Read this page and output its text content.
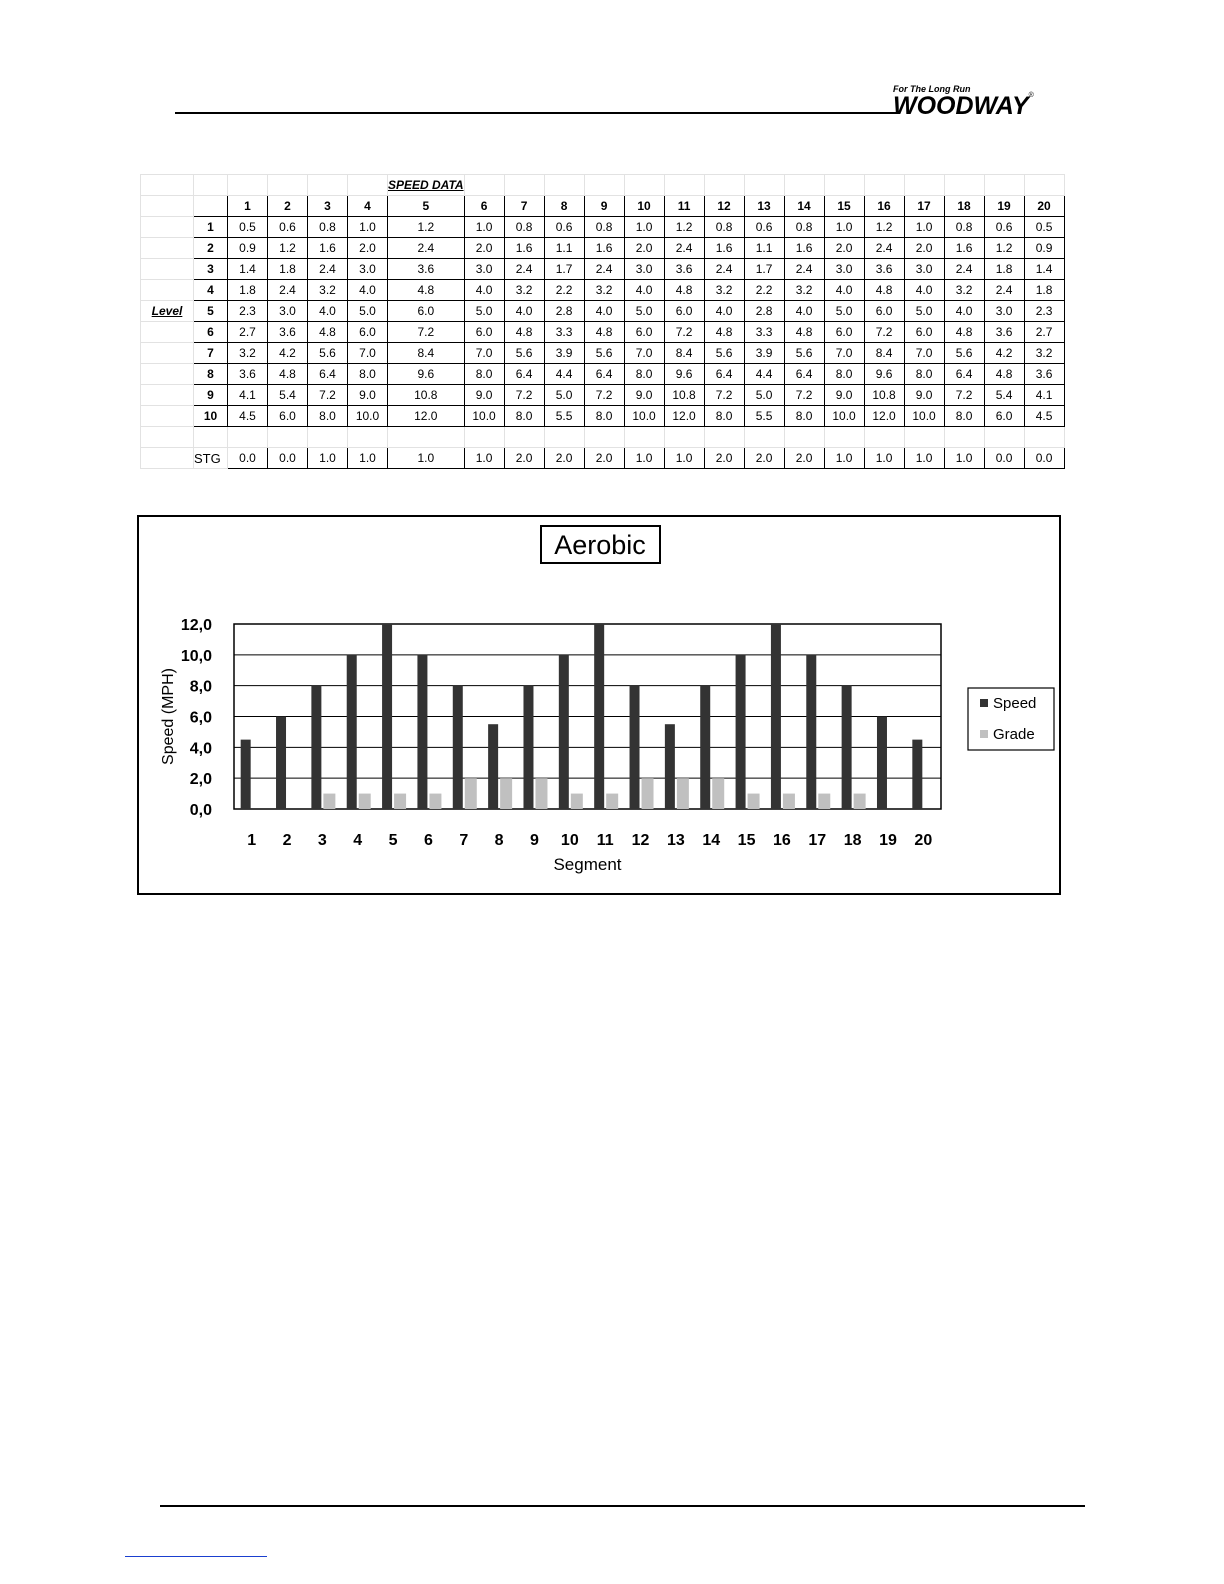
For The Long Run
WOODWAY®
						SPEED DATA															
		1	2	3	4	5	6	7	8	9	10	11	12	13	14	15	16	17	18	19	20
	1	0.5	0.6	0.8	1.0	1.2	1.0	0.8	0.6	0.8	1.0	1.2	0.8	0.6	0.8	1.0	1.2	1.0	0.8	0.6	0.5
	2	0.9	1.2	1.6	2.0	2.4	2.0	1.6	1.1	1.6	2.0	2.4	1.6	1.1	1.6	2.0	2.4	2.0	1.6	1.2	0.9
	3	1.4	1.8	2.4	3.0	3.6	3.0	2.4	1.7	2.4	3.0	3.6	2.4	1.7	2.4	3.0	3.6	3.0	2.4	1.8	1.4
	4	1.8	2.4	3.2	4.0	4.8	4.0	3.2	2.2	3.2	4.0	4.8	3.2	2.2	3.2	4.0	4.8	4.0	3.2	2.4	1.8
Level	5	2.3	3.0	4.0	5.0	6.0	5.0	4.0	2.8	4.0	5.0	6.0	4.0	2.8	4.0	5.0	6.0	5.0	4.0	3.0	2.3
	6	2.7	3.6	4.8	6.0	7.2	6.0	4.8	3.3	4.8	6.0	7.2	4.8	3.3	4.8	6.0	7.2	6.0	4.8	3.6	2.7
	7	3.2	4.2	5.6	7.0	8.4	7.0	5.6	3.9	5.6	7.0	8.4	5.6	3.9	5.6	7.0	8.4	7.0	5.6	4.2	3.2
	8	3.6	4.8	6.4	8.0	9.6	8.0	6.4	4.4	6.4	8.0	9.6	6.4	4.4	6.4	8.0	9.6	8.0	6.4	4.8	3.6
	9	4.1	5.4	7.2	9.0	10.8	9.0	7.2	5.0	7.2	9.0	10.8	7.2	5.0	7.2	9.0	10.8	9.0	7.2	5.4	4.1
	10	4.5	6.0	8.0	10.0	12.0	10.0	8.0	5.5	8.0	10.0	12.0	8.0	5.5	8.0	10.0	12.0	10.0	8.0	6.0	4.5

	STG	0.0	0.0	1.0	1.0	1.0	1.0	2.0	2.0	2.0	1.0	1.0	2.0	2.0	2.0	1.0	1.0	1.0	1.0	0.0	0.0
Aerobic
0,0
2,0
4,0
6,0
8,0
10,0
12,0
1 2 3 4 5 6 7 8 9 10 11 12 13 14 15 16 17 18 19 20
Segment
Speed (MPH)	Speed
Grade
